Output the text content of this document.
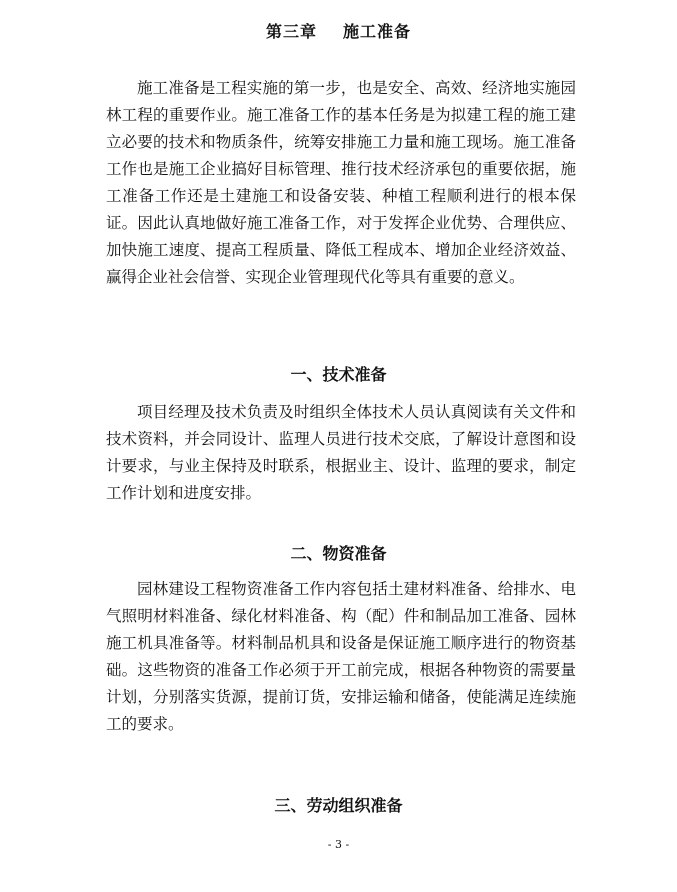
第三章 施工准备

施工准备是工程实施的第一步，也是安全、高效、经济地实施园林工程的重要作业。施工准备工作的基本任务是为拟建工程的施工建立必要的技术和物质条件，统筹安排施工力量和施工现场。施工准备工作也是施工企业搞好目标管理、推行技术经济承包的重要依据，施工准备工作还是土建施工和设备安装、种植工程顺利进行的根本保证。因此认真地做好施工准备工作，对于发挥企业优势、合理供应、加快施工速度、提高工程质量、降低工程成本、增加企业经济效益、赢得企业社会信誉、实现企业管理现代化等具有重要的意义。

一、技术准备

项目经理及技术负责及时组织全体技术人员认真阅读有关文件和技术资料，并会同设计、监理人员进行技术交底，了解设计意图和设计要求，与业主保持及时联系，根据业主、设计、监理的要求，制定工作计划和进度安排。

二、物资准备

园林建设工程物资准备工作内容包括土建材料准备、给排水、电气照明材料准备、绿化材料准备、构（配）件和制品加工准备、园林施工机具准备等。材料制品机具和设备是保证施工顺序进行的物资基础。这些物资的准备工作必须于开工前完成，根据各种物资的需要量计划，分别落实货源，提前订货，安排运输和储备，使能满足连续施工的要求。

三、劳动组织准备
- 3 -
